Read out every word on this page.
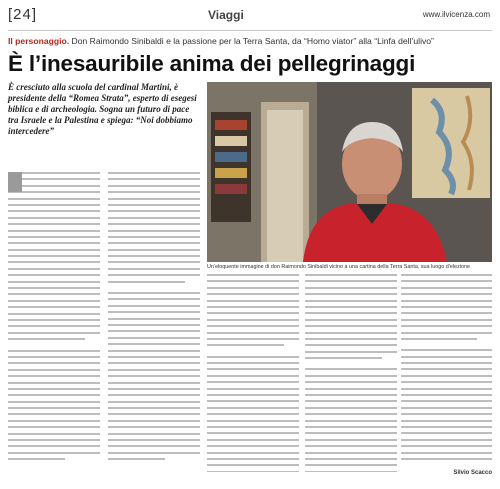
[24]	Viaggi	www.ilvicenza.com
Il personaggio. Don Raimondo Sinibaldi e la passione per la Terra Santa, da “Homo viator” alla “Linfa dell’ulivo”
È l’inesauribile anima dei pellegrinaggi
È cresciuto alla scuola del cardinal Martini, è presidente della “Romea Strata”, esperto di esegesi biblica e di archeologia. Sogna un futuro di pace tra Israele e la Palestina e spiega: “Noi dobbiamo intercedere”
Un’eloquente immagine di don Raimondo Sinibaldi vicino a una cartina della Terra Santa, sua luogo d’elezione
Silvio Scacco
